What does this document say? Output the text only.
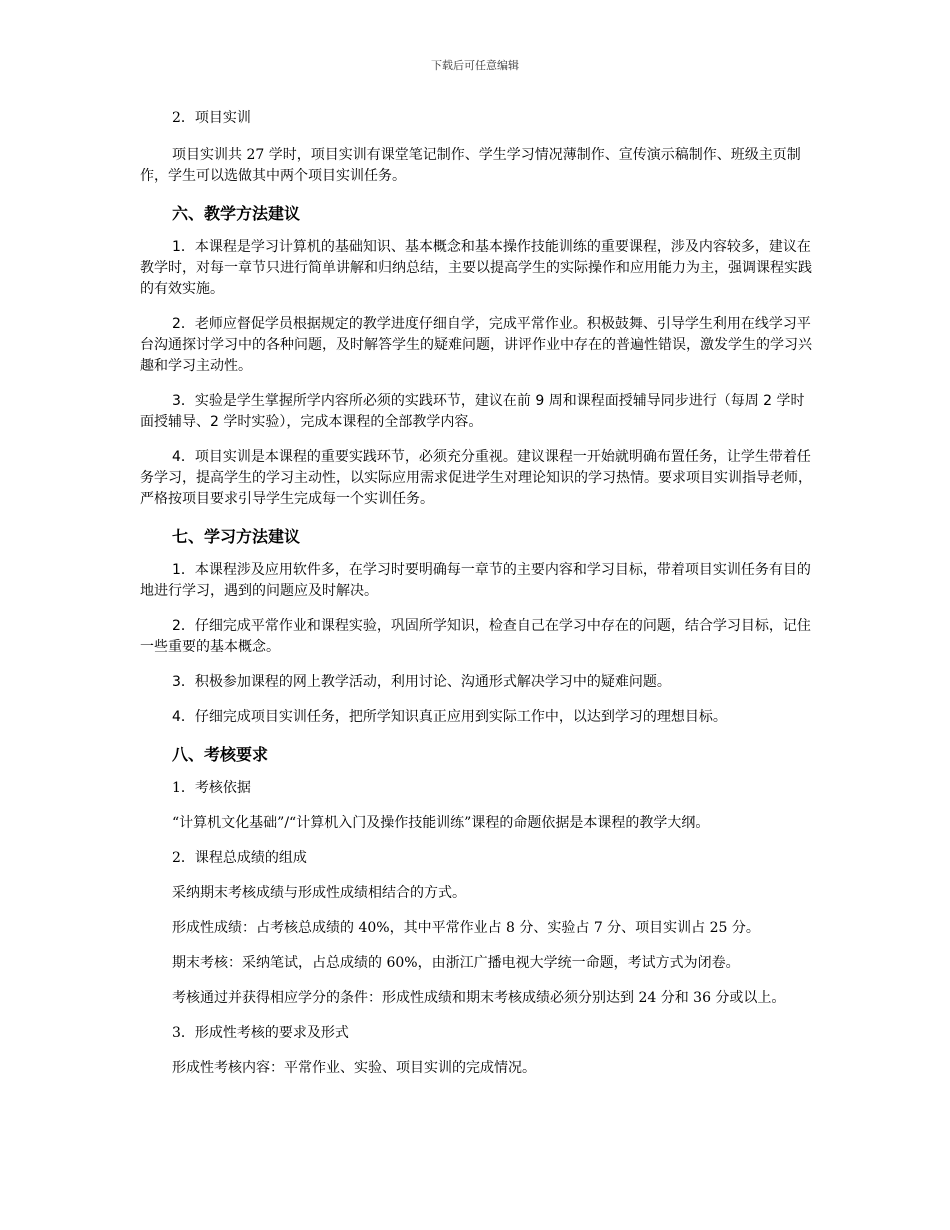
下载后可任意编辑

2．项目实训

项目实训共 27 学时，项目实训有课堂笔记制作、学生学习情况薄制作、宣传演示稿制作、班级主页制作，学生可以选做其中两个项目实训任务。

六、教学方法建议

1．本课程是学习计算机的基础知识、基本概念和基本操作技能训练的重要课程，涉及内容较多，建议在教学时，对每一章节只进行简单讲解和归纳总结，主要以提高学生的实际操作和应用能力为主，强调课程实践的有效实施。

2．老师应督促学员根据规定的教学进度仔细自学，完成平常作业。积极鼓舞、引导学生利用在线学习平台沟通探讨学习中的各种问题，及时解答学生的疑难问题，讲评作业中存在的普遍性错误，激发学生的学习兴趣和学习主动性。

3．实验是学生掌握所学内容所必须的实践环节，建议在前 9 周和课程面授辅导同步进行（每周 2 学时面授辅导、2 学时实验），完成本课程的全部教学内容。

4．项目实训是本课程的重要实践环节，必须充分重视。建议课程一开始就明确布置任务，让学生带着任务学习，提高学生的学习主动性，以实际应用需求促进学生对理论知识的学习热情。要求项目实训指导老师，严格按项目要求引导学生完成每一个实训任务。

七、学习方法建议

1．本课程涉及应用软件多，在学习时要明确每一章节的主要内容和学习目标，带着项目实训任务有目的地进行学习，遇到的问题应及时解决。

2．仔细完成平常作业和课程实验，巩固所学知识，检查自己在学习中存在的问题，结合学习目标，记住一些重要的基本概念。

3．积极参加课程的网上教学活动，利用讨论、沟通形式解决学习中的疑难问题。

4．仔细完成项目实训任务，把所学知识真正应用到实际工作中，以达到学习的理想目标。

八、考核要求

1．考核依据

“计算机文化基础”/“计算机入门及操作技能训练”课程的命题依据是本课程的教学大纲。

2．课程总成绩的组成

采纳期末考核成绩与形成性成绩相结合的方式。

形成性成绩：占考核总成绩的 40%，其中平常作业占 8 分、实验占 7 分、项目实训占 25 分。

期末考核：采纳笔试，占总成绩的 60%，由浙江广播电视大学统一命题，考试方式为闭卷。

考核通过并获得相应学分的条件：形成性成绩和期末考核成绩必须分别达到 24 分和 36 分或以上。

3．形成性考核的要求及形式

形成性考核内容：平常作业、实验、项目实训的完成情况。
